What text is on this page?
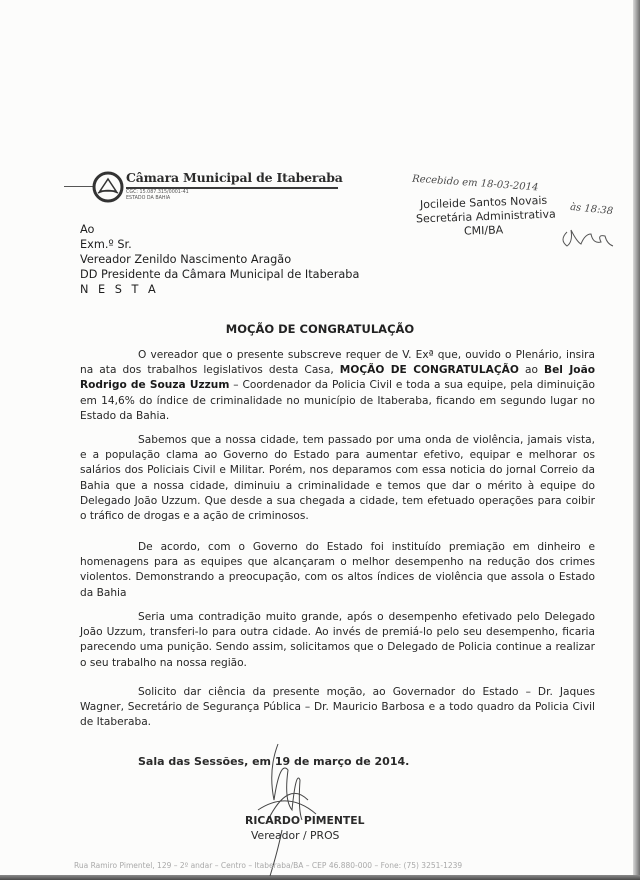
Câmara Municipal de Itaberaba
CGC: 15.087.315/0001-41
ESTADO DA BAHIA
Ao
Exm.º Sr.
Vereador Zenildo Nascimento Aragão
DD Presidente da Câmara Municipal de Itaberaba
N E S T A
Recebido em 18-03-2014
Jocileide Santos Novais
Secretária Administrativa
CMI/BA
às 18:38
MOÇÃO DE CONGRATULAÇÃO
O vereador que o presente subscreve requer de V. Exª que, ouvido o Plenário, insira na ata dos trabalhos legislativos desta Casa, MOÇÃO DE CONGRATULAÇÃO ao Bel João Rodrigo de Souza Uzzum – Coordenador da Policia Civil e toda a sua equipe, pela diminuição em 14,6% do índice de criminalidade no município de Itaberaba, ficando em segundo lugar no Estado da Bahia.
Sabemos que a nossa cidade, tem passado por uma onda de violência, jamais vista, e a população clama ao Governo do Estado para aumentar efetivo, equipar e melhorar os salários dos Policiais Civil e Militar. Porém, nos deparamos com essa noticia do jornal Correio da Bahia que a nossa cidade, diminuiu a criminalidade e temos que dar o mérito à equipe do Delegado João Uzzum. Que desde a sua chegada a cidade, tem efetuado operações para coibir o tráfico de drogas e a ação de criminosos.
De acordo, com o Governo do Estado foi instituído premiação em dinheiro e homenagens para as equipes que alcançaram o melhor desempenho na redução dos crimes violentos. Demonstrando a preocupação, com os altos índices de violência que assola o Estado da Bahia
Seria uma contradição muito grande, após o desempenho efetivado pelo Delegado João Uzzum, transferi-lo para outra cidade. Ao invés de premiá-lo pelo seu desempenho, ficaria parecendo uma punição. Sendo assim, solicitamos que o Delegado de Policia continue a realizar o seu trabalho na nossa região.
Solicito dar ciência da presente moção, ao Governador do Estado – Dr. Jaques Wagner, Secretário de Segurança Pública – Dr. Mauricio Barbosa e a todo quadro da Policia Civil de Itaberaba.
Sala das Sessões, em 19 de março de 2014.
RICARDO PIMENTEL
Vereador / PROS
Rua Ramiro Pimentel, 129 – 2º andar – Centro – Itaberaba/BA – CEP 46.880-000 – Fone: (75) 3251-1239
